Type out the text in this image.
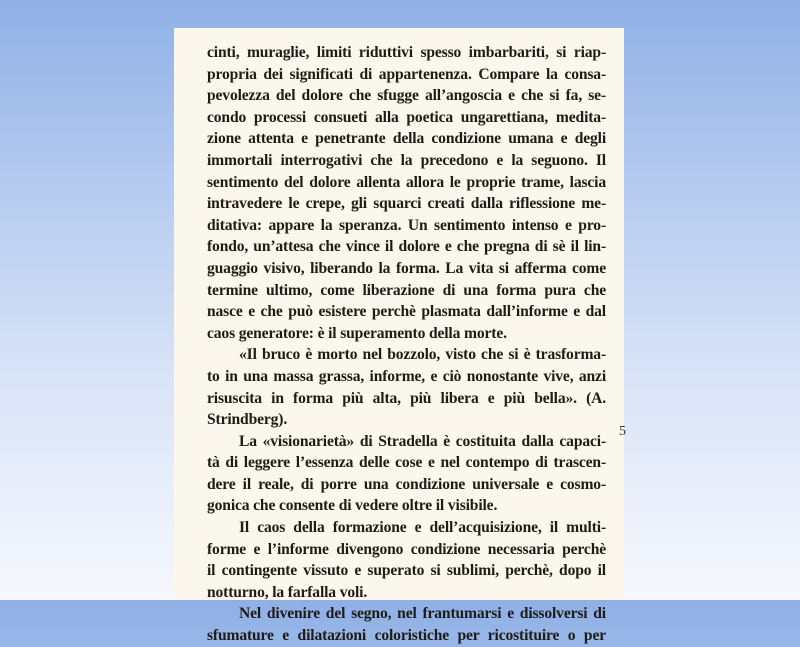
cinti, muraglie, limiti riduttivi spesso imbarbariti, si riap-
propria dei significati di appartenenza. Compare la consa-
pevolezza del dolore che sfugge all’angoscia e che si fa, se-
condo processi consueti alla poetica ungarettiana, medita-
zione attenta e penetrante della condizione umana e degli
immortali interrogativi che la precedono e la seguono. Il
sentimento del dolore allenta allora le proprie trame, lascia
intravedere le crepe, gli squarci creati dalla riflessione me-
ditativa: appare la speranza. Un sentimento intenso e pro-
fondo, un’attesa che vince il dolore e che pregna di sè il lin-
guaggio visivo, liberando la forma. La vita si afferma come
termine ultimo, come liberazione di una forma pura che
nasce e che può esistere perchè plasmata dall’informe e dal
caos generatore: è il superamento della morte.
«Il bruco è morto nel bozzolo, visto che si è trasforma-
to in una massa grassa, informe, e ciò nonostante vive, anzi
risuscita in forma più alta, più libera e più bella». (A.
Strindberg).
La «visionarietà» di Stradella è costituita dalla capaci-
tà di leggere l’essenza delle cose e nel contempo di trascen-
dere il reale, di porre una condizione universale e cosmo-
gonica che consente di vedere oltre il visibile.
Il caos della formazione e dell’acquisizione, il multi-
forme e l’informe divengono condizione necessaria perchè
il contingente vissuto e superato si sublimi, perchè, dopo il
notturno, la farfalla voli.
Nel divenire del segno, nel frantumarsi e dissolversi di
sfumature e dilatazioni coloristiche per ricostituire o per
5
